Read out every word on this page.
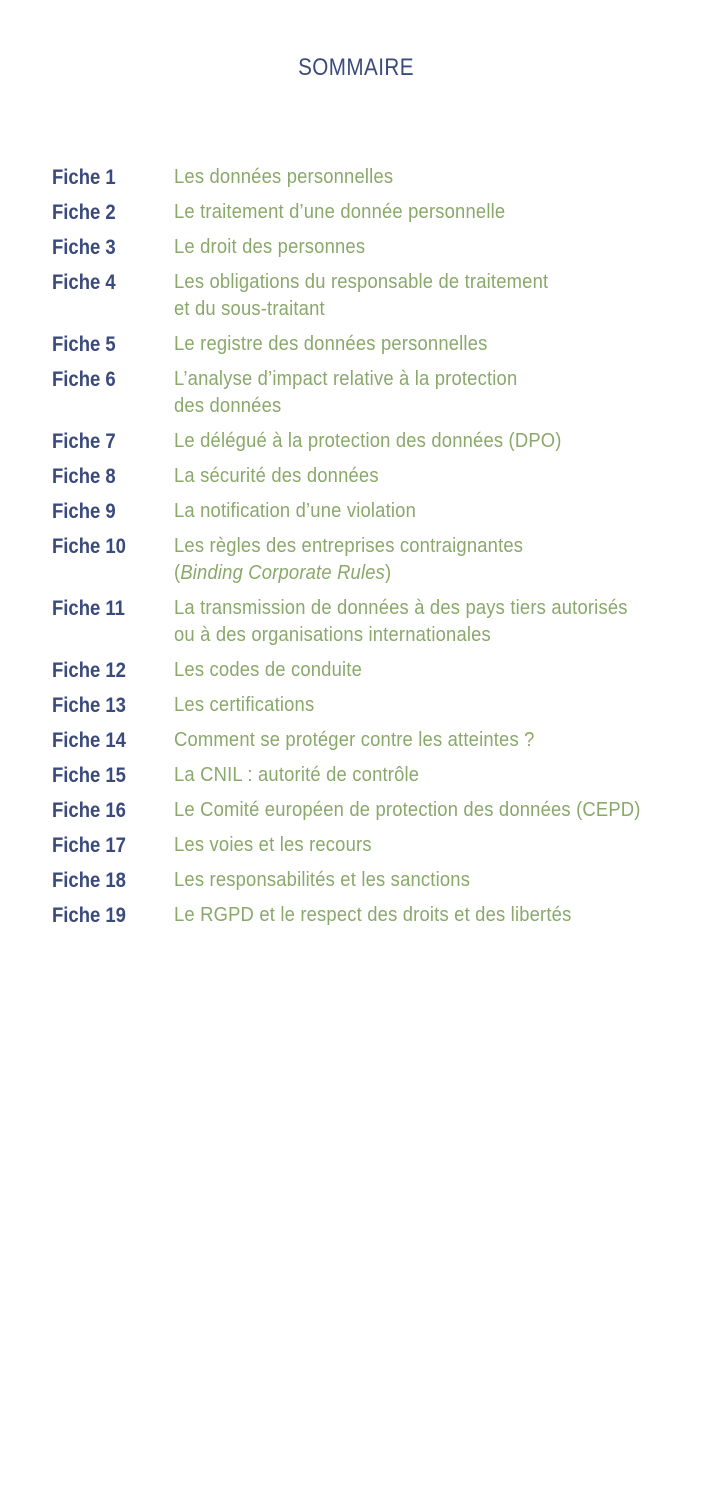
SOMMAIRE
Fiche 1	Les données personnelles
Fiche 2	Le traitement d’une donnée personnelle
Fiche 3	Le droit des personnes
Fiche 4	Les obligations du responsable de traitement
et du sous-traitant
Fiche 5	Le registre des données personnelles
Fiche 6	L’analyse d’impact relative à la protection
des données
Fiche 7	Le délégué à la protection des données (DPO)
Fiche 8	La sécurité des données
Fiche 9	La notification d’une violation
Fiche 10	Les règles des entreprises contraignantes
(Binding Corporate Rules)
Fiche 11	La transmission de données à des pays tiers autorisés
ou à des organisations internationales
Fiche 12	Les codes de conduite
Fiche 13	Les certifications
Fiche 14	Comment se protéger contre les atteintes ?
Fiche 15	La CNIL : autorité de contrôle
Fiche 16	Le Comité européen de protection des données (CEPD)
Fiche 17	Les voies et les recours
Fiche 18	Les responsabilités et les sanctions
Fiche 19	Le RGPD et le respect des droits et des libertés
